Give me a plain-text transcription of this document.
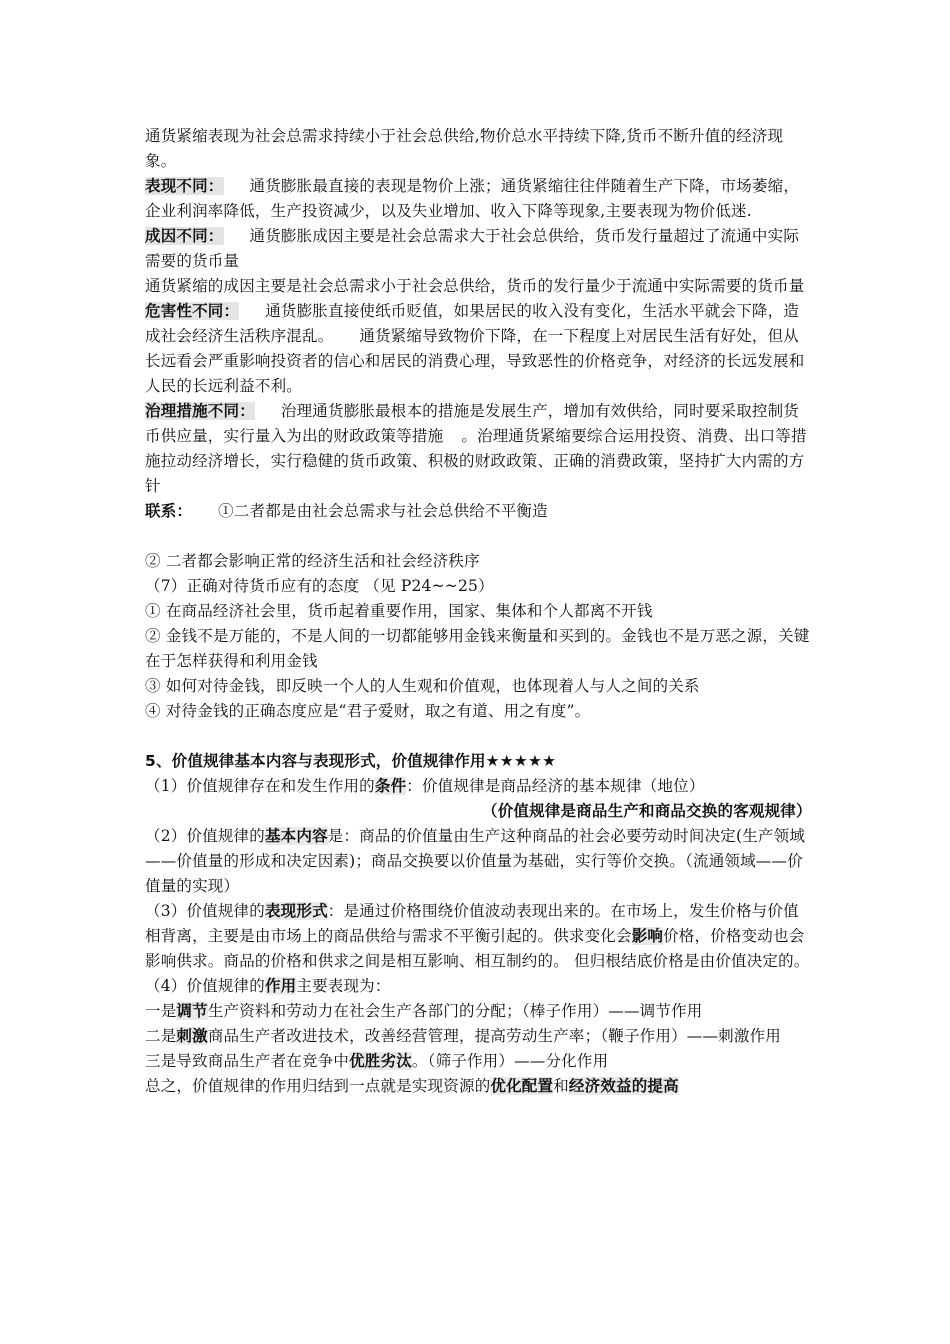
通货紧缩表现为社会总需求持续小于社会总供给,物价总水平持续下降,货币不断升值的经济现象。

表现不同： 通货膨胀最直接的表现是物价上涨；通货紧缩往往伴随着生产下降，市场萎缩，企业利润率降低，生产投资减少，以及失业增加、收入下降等现象,主要表现为物价低迷.

成因不同： 通货膨胀成因主要是社会总需求大于社会总供给，货币发行量超过了流通中实际需要的货币量

通货紧缩的成因主要是社会总需求小于社会总供给，货币的发行量少于流通中实际需要的货币量

危害性不同： 通货膨胀直接使纸币贬值，如果居民的收入没有变化，生活水平就会下降，造成社会经济生活秩序混乱。 通货紧缩导致物价下降，在一下程度上对居民生活有好处，但从长远看会严重影响投资者的信心和居民的消费心理，导致恶性的价格竞争，对经济的长远发展和人民的长远利益不利。

治理措施不同： 治理通货膨胀最根本的措施是发展生产，增加有效供给，同时要采取控制货币供应量，实行量入为出的财政政策等措施 。治理通货紧缩要综合运用投资、消费、出口等措施拉动经济增长，实行稳健的货币政策、积极的财政政策、正确的消费政策，坚持扩大内需的方针

联系： ①二者都是由社会总需求与社会总供给不平衡造

② 二者都会影响正常的经济生活和社会经济秩序

（7）正确对待货币应有的态度 （见 P24~~25）

① 在商品经济社会里，货币起着重要作用，国家、集体和个人都离不开钱

② 金钱不是万能的，不是人间的一切都能够用金钱来衡量和买到的。金钱也不是万恶之源，关键在于怎样获得和利用金钱

③ 如何对待金钱，即反映一个人的人生观和价值观，也体现着人与人之间的关系

④ 对待金钱的正确态度应是“君子爱财，取之有道、用之有度”。

5、价值规律基本内容与表现形式，价值规律作用★★★★★

（1）价值规律存在和发生作用的条件：价值规律是商品经济的基本规律（地位）

（价值规律是商品生产和商品交换的客观规律）

（2）价值规律的基本内容是：商品的价值量由生产这种商品的社会必要劳动时间决定(生产领域——价值量的形成和决定因素)；商品交换要以价值量为基础，实行等价交换。（流通领域——价值量的实现）

（3）价值规律的表现形式：是通过价格围绕价值波动表现出来的。在市场上，发生价格与价值相背离，主要是由市场上的商品供给与需求不平衡引起的。供求变化会影响价格，价格变动也会影响供求。商品的价格和供求之间是相互影响、相互制约的。 但归根结底价格是由价值决定的。

（4）价值规律的作用主要表现为：

一是调节生产资料和劳动力在社会生产各部门的分配；（棒子作用）——调节作用

二是刺激商品生产者改进技术，改善经营管理，提高劳动生产率；（鞭子作用）——刺激作用

三是导致商品生产者在竞争中优胜劣汰。（筛子作用）——分化作用

总之，价值规律的作用归结到一点就是实现资源的优化配置和经济效益的提高
